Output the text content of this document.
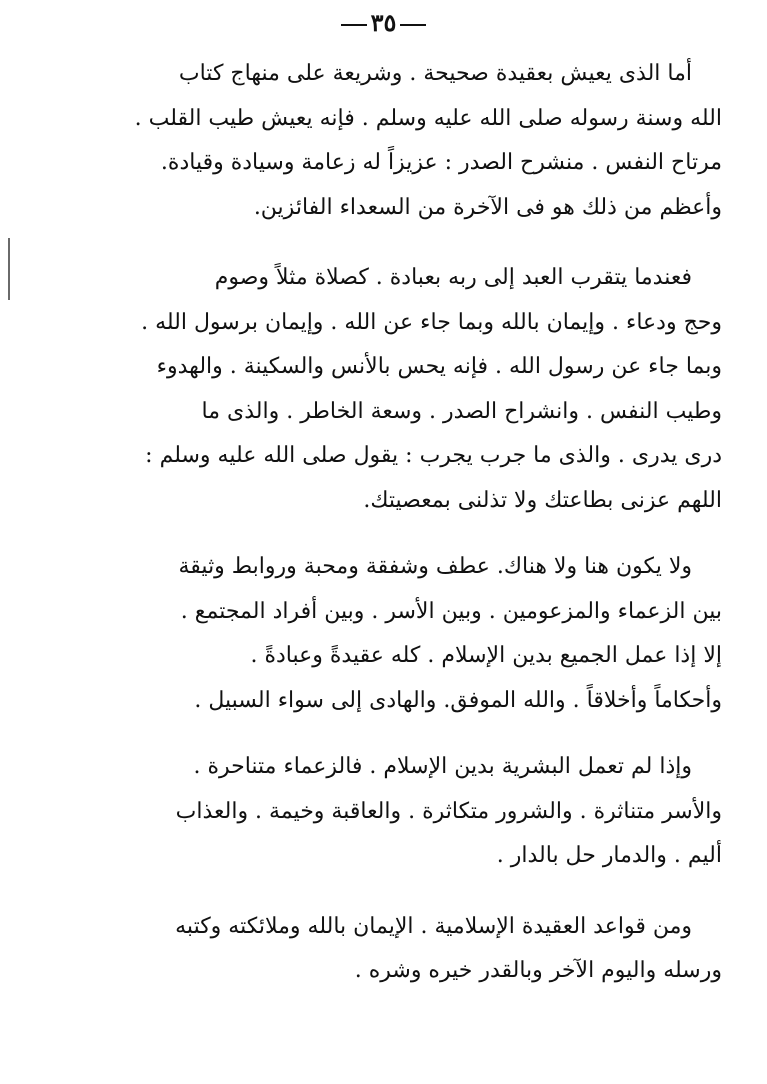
٣٥

أما الذى يعيش بعقيدة صحيحة . وشريعة على منهاج كتاب
الله وسنة رسوله صلى الله عليه وسلم . فإنه يعيش طيب القلب .
مرتاح النفس . منشرح الصدر : عزيزاً له زعامة وسيادة وقيادة.
وأعظم من ذلك هو فى الآخرة من السعداء الفائزين.

فعندما يتقرب العبد إلى ربه بعبادة . كصلاة مثلاً وصوم
وحج ودعاء . وإيمان بالله وبما جاء عن الله . وإيمان برسول الله .
وبما جاء عن رسول الله . فإنه يحس بالأنس والسكينة . والهدوء
وطيب النفس . وانشراح الصدر . وسعة الخاطر . والذى ما
درى يدرى . والذى ما جرب يجرب : يقول صلى الله عليه وسلم :
اللهم عزنى بطاعتك ولا تذلنى بمعصيتك.

ولا يكون هنا ولا هناك. عطف وشفقة ومحبة وروابط وثيقة
بين الزعماء والمزعومين . وبين الأسر . وبين أفراد المجتمع .
إلا إذا عمل الجميع بدين الإسلام . كله عقيدةً وعبادةً .
وأحكاماً وأخلاقاً . والله الموفق. والهادى إلى سواء السبيل .

وإذا لم تعمل البشرية بدين الإسلام . فالزعماء متناحرة .
والأسر متناثرة . والشرور متكاثرة . والعاقبة وخيمة . والعذاب
أليم . والدمار حل بالدار .

ومن قواعد العقيدة الإسلامية . الإيمان بالله وملائكته وكتبه
ورسله واليوم الآخر وبالقدر خيره وشره .
